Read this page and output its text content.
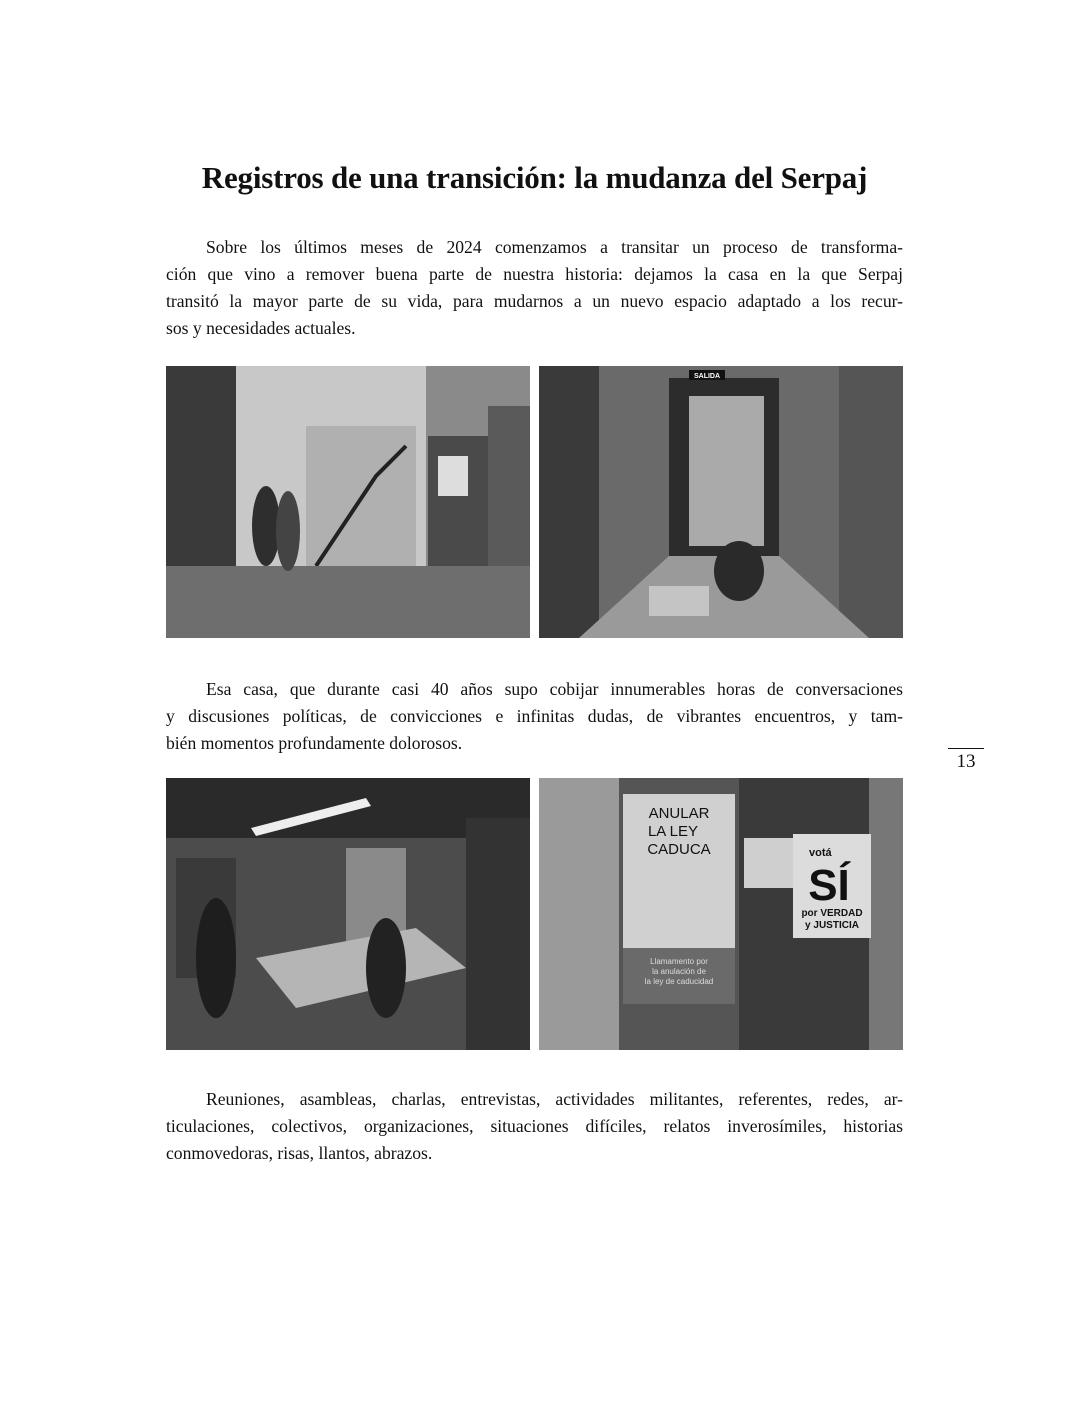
Registros de una transición: la mudanza del Serpaj
Sobre los últimos meses de 2024 comenzamos a transitar un proceso de transforma-
ción que vino a remover buena parte de nuestra historia: dejamos la casa en la que Serpaj
transitó la mayor parte de su vida, para mudarnos a un nuevo espacio adaptado a los recur-
sos y necesidades actuales.
SALIDA
Esa casa, que durante casi 40 años supo cobijar innumerables horas de conversaciones
y discusiones políticas, de convicciones e infinitas dudas, de vibrantes encuentros, y tam-
bién momentos profundamente dolorosos.
13
ANULAR
LA LEY
CADUCA
Llamamento por
la anulación de
la ley de caducidad
votá
SÍ
por VERDAD
y JUSTICIA
Reuniones, asambleas, charlas, entrevistas, actividades militantes, referentes, redes, ar-
ticulaciones, colectivos, organizaciones, situaciones difíciles, relatos inverosímiles, historias
conmovedoras, risas, llantos, abrazos.
